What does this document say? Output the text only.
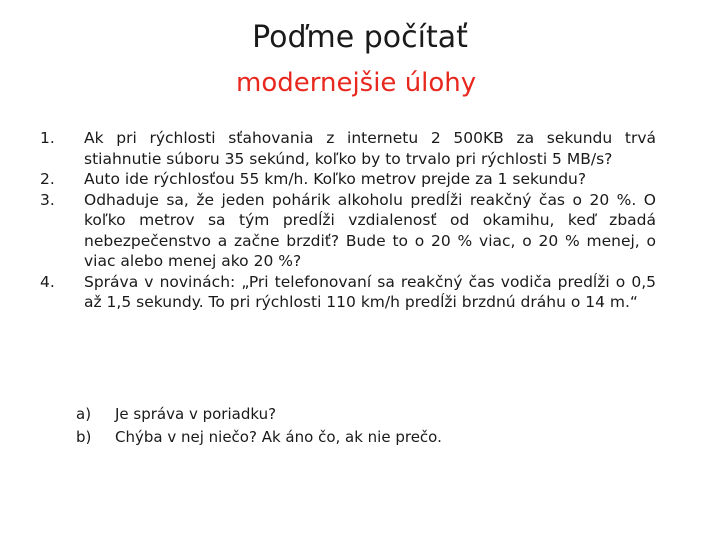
Poďme počítať
modernejšie úlohy
1. Ak pri rýchlosti sťahovania z internetu 2 500KB za sekundu trvá stiahnutie súboru 35 sekúnd, koľko by to trvalo pri rýchlosti 5 MB/s?
2. Auto ide rýchlosťou 55 km/h. Koľko metrov prejde za 1 sekundu?
3. Odhaduje sa, že jeden pohárik alkoholu predĺži reakčný čas o 20 %. O koľko metrov sa tým predĺži vzdialenosť od okamihu, keď zbadá nebezpečenstvo a začne brzdiť? Bude to o 20 % viac, o 20 % menej, o viac alebo menej ako 20 %?
4. Správa v novinách: „Pri telefonovaní sa reakčný čas vodiča predĺži o 0,5 až 1,5 sekundy. To pri rýchlosti 110 km/h predĺži brzdnú dráhu o 14 m.“
a) Je správa v poriadku?
b) Chýba v nej niečo? Ak áno čo, ak nie prečo.
